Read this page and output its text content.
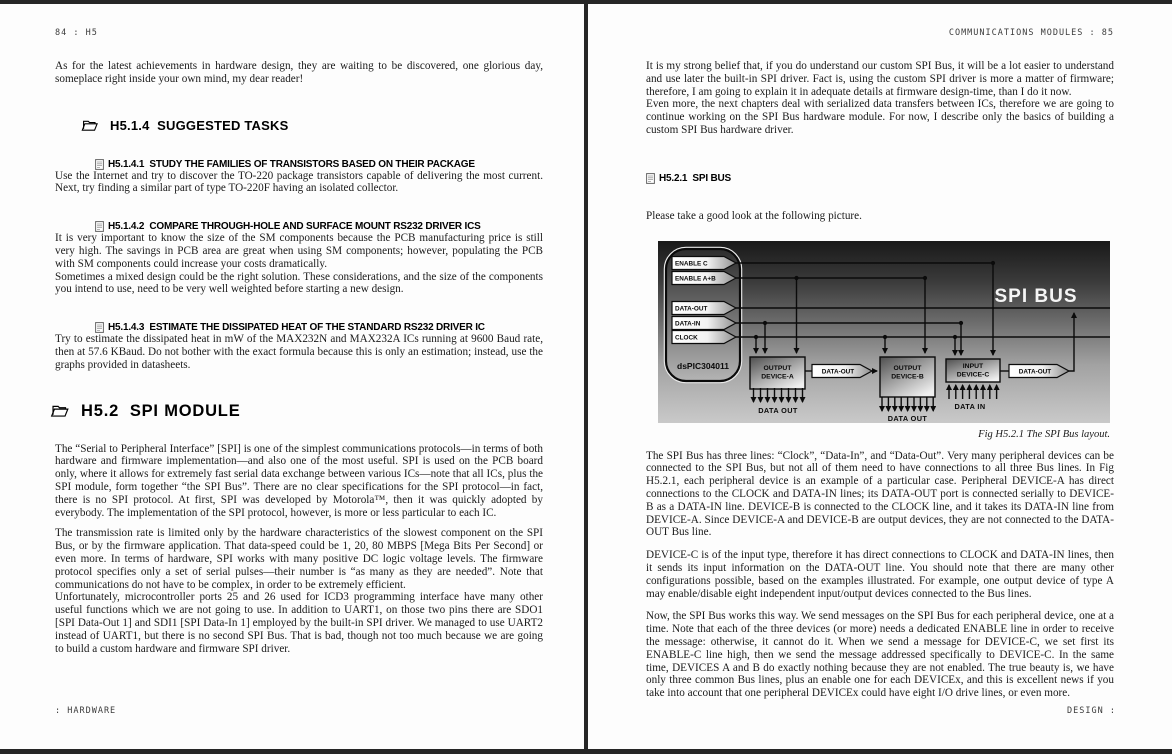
84 : H5

As for the latest achievements in hardware design, they are waiting to be discovered, one glorious day, someplace right inside your own mind, my dear reader!

H5.1.4  SUGGESTED TASKS
H5.1.4.1  STUDY THE FAMILIES OF TRANSISTORS BASED ON THEIR PACKAGE

Use the Internet and try to discover the TO-220 package transistors capable of delivering the most current. Next, try finding a similar part of type TO-220F having an isolated collector.

H5.1.4.2  COMPARE THROUGH-HOLE AND SURFACE MOUNT RS232 DRIVER ICS

It is very important to know the size of the SM components because the PCB manufacturing price is still very high. The savings in PCB area are great when using SM components; however, populating the PCB with SM components could increase your costs dramatically.

Sometimes a mixed design could be the right solution. These considerations, and the size of the components you intend to use, need to be very well weighted before starting a new design.

H5.1.4.3  ESTIMATE THE DISSIPATED HEAT OF THE STANDARD RS232 DRIVER IC

Try to estimate the dissipated heat in mW of the MAX232N and MAX232A ICs running at 9600 Baud rate, then at 57.6 KBaud. Do not bother with the exact formula because this is only an estimation; instead, use the graphs provided in datasheets.

H5.2  SPI MODULE

The “Serial to Peripheral Interface” [SPI] is one of the simplest communications protocols—in terms of both hardware and firmware implementation—and also one of the most useful. SPI is used on the PCB board only, where it allows for extremely fast serial data exchange between various ICs—note that all ICs, plus the SPI module, form together “the SPI Bus”. There are no clear specifications for the SPI protocol—in fact, there is no SPI protocol. At first, SPI was developed by Motorola™, then it was quickly adopted by everybody. The implementation of the SPI protocol, however, is more or less particular to each IC.

The transmission rate is limited only by the hardware characteristics of the slowest component on the SPI Bus, or by the firmware application. That data-speed could be 1, 20, 80 MBPS [Mega Bits Per Second] or even more. In terms of hardware, SPI works with many positive DC logic voltage levels. The firmware protocol specifies only a set of serial pulses—their number is “as many as they are needed”. Note that communications do not have to be complex, in order to be extremely efficient.

Unfortunately, microcontroller ports 25 and 26 used for ICD3 programming interface have many other useful functions which we are not going to use. In addition to UART1, on those two pins there are SDO1 [SPI Data-Out 1] and SDI1 [SPI Data-In 1] employed by the built-in SPI driver. We managed to use UART2 instead of UART1, but there is no second SPI Bus. That is bad, though not too much because we are going to build a custom hardware and firmware SPI driver.

: HARDWARE
COMMUNICATIONS MODULES : 85

It is my strong belief that, if you do understand our custom SPI Bus, it will be a lot easier to understand and use later the built-in SPI driver. Fact is, using the custom SPI driver is more a matter of firmware; therefore, I am going to explain it in adequate details at firmware design-time, than I do it now.

Even more, the next chapters deal with serialized data transfers between ICs, therefore we are going to continue working on the SPI Bus hardware module. For now, I describe only the basics of building a custom SPI Bus hardware driver.

H5.2.1  SPI BUS

Please take a good look at the following picture.

dsPIC304011
ENABLE C
ENABLE A+B
DATA-OUT
DATA-IN
CLOCK
SPI BUS
OUTPUT
DEVICE-A
OUTPUT
DEVICE-B
INPUT
DEVICE-C
DATA-OUT	DATA-OUT
DATA OUT
DATA OUT
DATA IN
Fig H5.2.1 The SPI Bus layout.

The SPI Bus has three lines: “Clock”, “Data-In”, and “Data-Out”. Very many peripheral devices can be connected to the SPI Bus, but not all of them need to have connections to all three Bus lines. In Fig H5.2.1, each peripheral device is an example of a particular case. Peripheral DEVICE-A has direct connections to the CLOCK and DATA-IN lines; its DATA-OUT port is connected serially to DEVICE-B as a DATA-IN line. DEVICE-B is connected to the CLOCK line, and it takes its DATA-IN line from DEVICE-A. Since DEVICE-A and DEVICE-B are output devices, they are not connected to the DATA-OUT Bus line.

DEVICE-C is of the input type, therefore it has direct connections to CLOCK and DATA-IN lines, then it sends its input information on the DATA-OUT line. You should note that there are many other configurations possible, based on the examples illustrated. For example, one output device of type A may enable/disable eight independent input/output devices connected to the Bus lines.

Now, the SPI Bus works this way. We send messages on the SPI Bus for each peripheral device, one at a time. Note that each of the three devices (or more) needs a dedicated ENABLE line in order to receive the message: otherwise, it cannot do it. When we send a message for DEVICE-C, we set first its ENABLE-C line high, then we send the message addressed specifically to DEVICE-C. In the same time, DEVICES A and B do exactly nothing because they are not enabled. The true beauty is, we have only three common Bus lines, plus an enable one for each DEVICEx, and this is excellent news if you take into account that one peripheral DEVICEx could have eight I/O drive lines, or even more.

DESIGN :
